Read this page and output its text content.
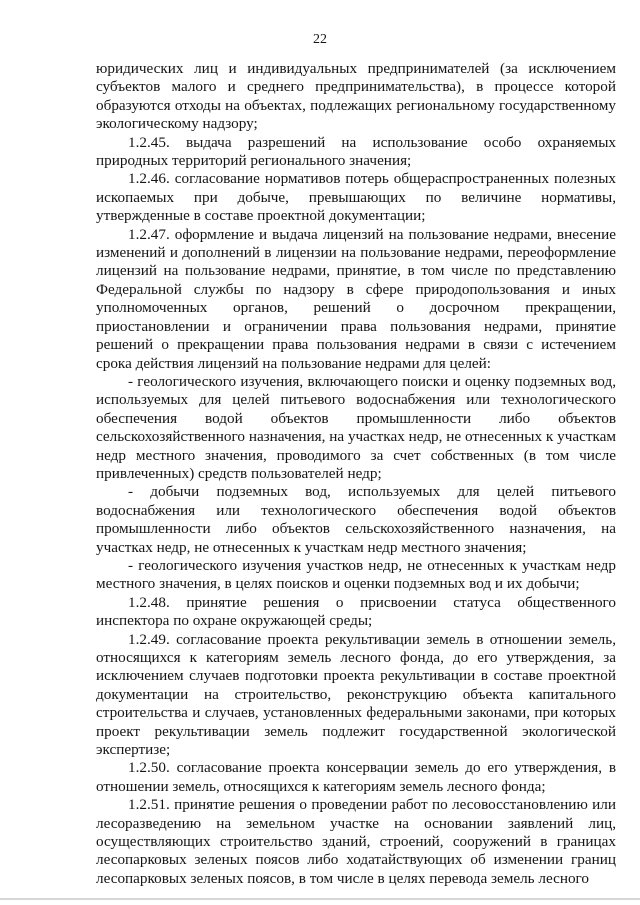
22

юридических лиц и индивидуальных предпринимателей (за исключением субъектов малого и среднего предпринимательства), в процессе которой образуются отходы на объектах, подлежащих региональному государственному экологическому надзору;

1.2.45. выдача разрешений на использование особо охраняемых природных территорий регионального значения;

1.2.46. согласование нормативов потерь общераспространенных полезных ископаемых при добыче, превышающих по величине нормативы, утвержденные в составе проектной документации;

1.2.47. оформление и выдача лицензий на пользование недрами, внесение изменений и дополнений в лицензии на пользование недрами, переоформление лицензий на пользование недрами, принятие, в том числе по представлению Федеральной службы по надзору в сфере природопользования и иных уполномоченных органов, решений о досрочном прекращении, приостановлении и ограничении права пользования недрами, принятие решений о прекращении права пользования недрами в связи с истечением срока действия лицензий на пользование недрами для целей:

- геологического изучения, включающего поиски и оценку подземных вод, используемых для целей питьевого водоснабжения или технологического обеспечения водой объектов промышленности либо объектов сельскохозяйственного назначения, на участках недр, не отнесенных к участкам недр местного значения, проводимого за счет собственных (в том числе привлеченных) средств пользователей недр;

- добычи подземных вод, используемых для целей питьевого водоснабжения или технологического обеспечения водой объектов промышленности либо объектов сельскохозяйственного назначения, на участках недр, не отнесенных к участкам недр местного значения;

- геологического изучения участков недр, не отнесенных к участкам недр местного значения, в целях поисков и оценки подземных вод и их добычи;

1.2.48. принятие решения о присвоении статуса общественного инспектора по охране окружающей среды;

1.2.49. согласование проекта рекультивации земель в отношении земель, относящихся к категориям земель лесного фонда, до его утверждения, за исключением случаев подготовки проекта рекультивации в составе проектной документации на строительство, реконструкцию объекта капитального строительства и случаев, установленных федеральными законами, при которых проект рекультивации земель подлежит государственной экологической экспертизе;

1.2.50. согласование проекта консервации земель до его утверждения, в отношении земель, относящихся к категориям земель лесного фонда;

1.2.51. принятие решения о проведении работ по лесовосстановлению или лесоразведению на земельном участке на основании заявлений лиц, осуществляющих строительство зданий, строений, сооружений в границах лесопарковых зеленых поясов либо ходатайствующих об изменении границ лесопарковых зеленых поясов, в том числе в целях перевода земель лесного
